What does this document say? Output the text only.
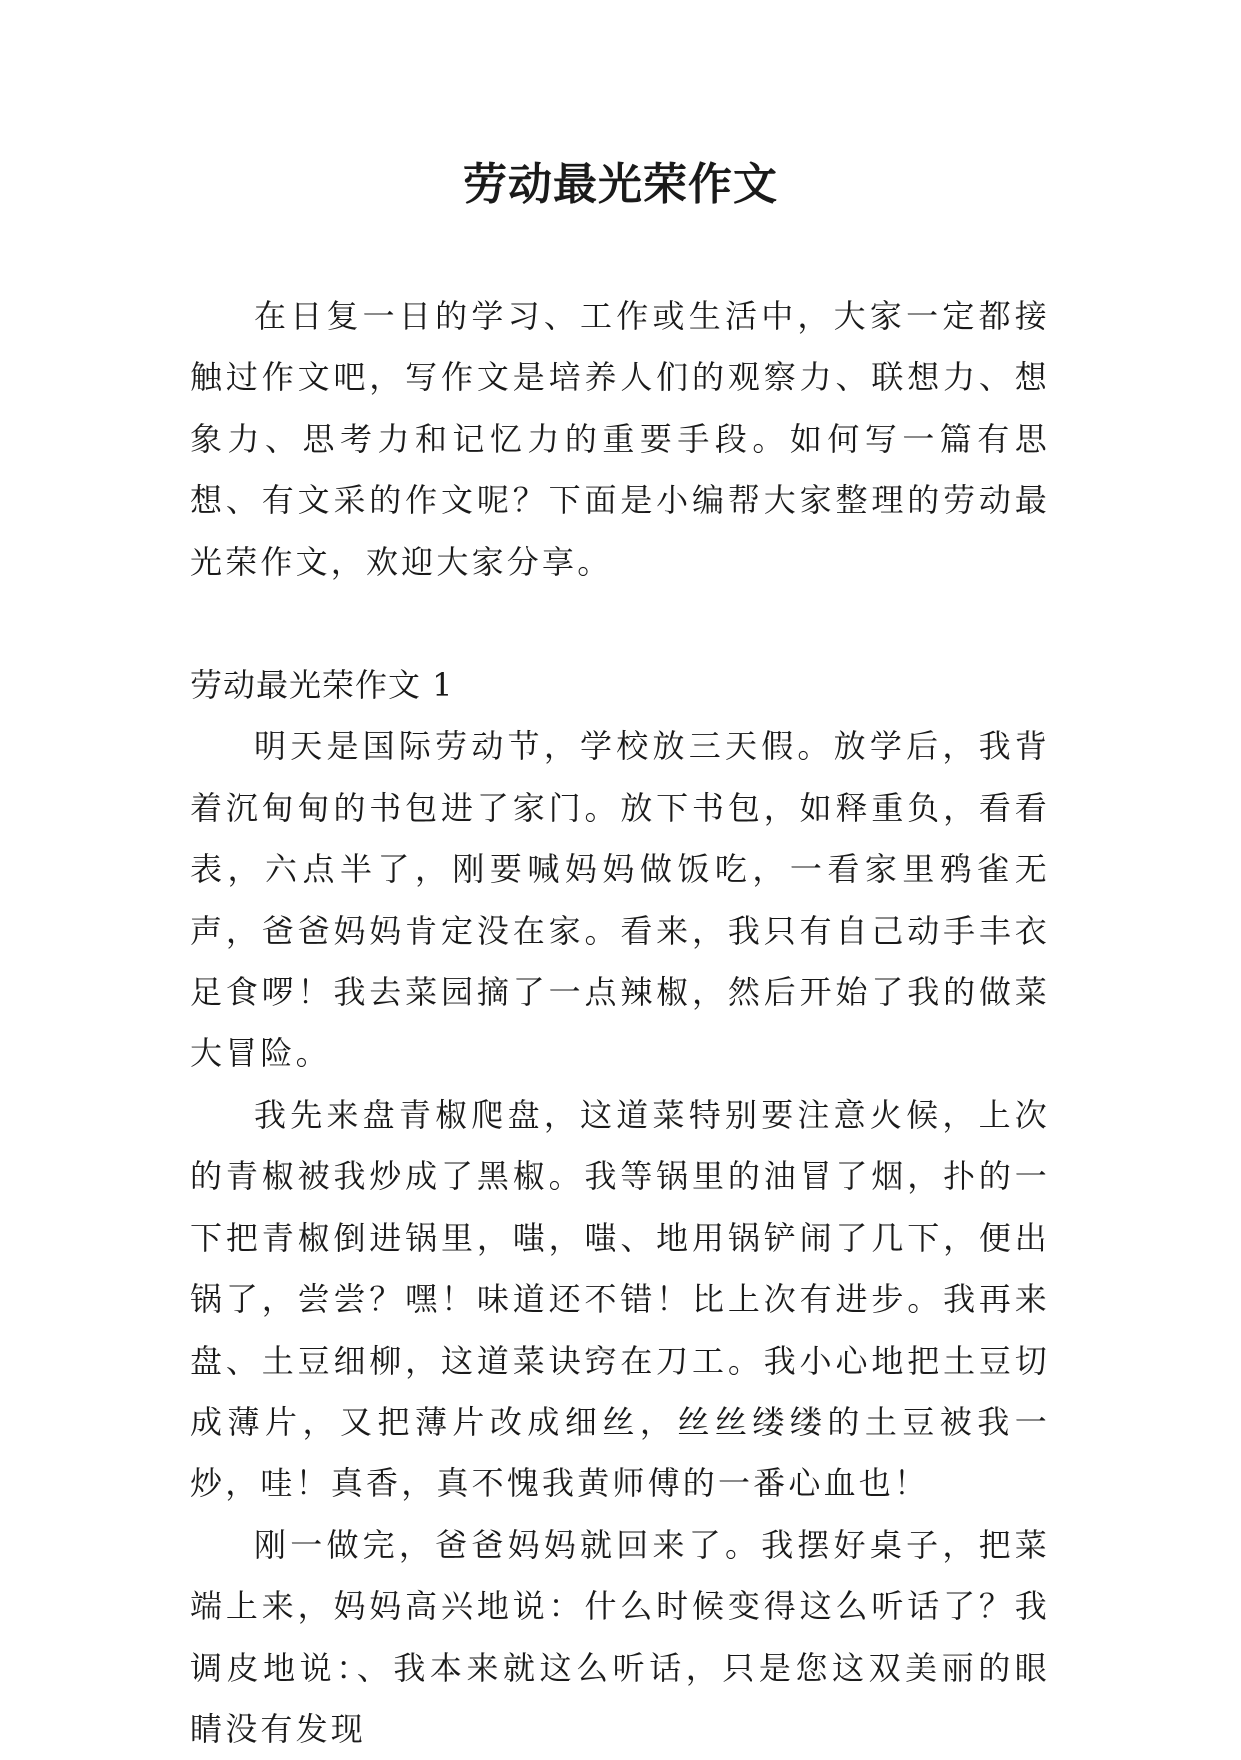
劳动最光荣作文

在日复一日的学习、工作或生活中，大家一定都接触过作文吧，写作文是培养人们的观察力、联想力、想象力、思考力和记忆力的重要手段。如何写一篇有思想、有文采的作文呢？下面是小编帮大家整理的劳动最光荣作文，欢迎大家分享。

劳动最光荣作文 1

明天是国际劳动节，学校放三天假。放学后，我背着沉甸甸的书包进了家门。放下书包，如释重负，看看表，六点半了，刚要喊妈妈做饭吃，一看家里鸦雀无声，爸爸妈妈肯定没在家。看来，我只有自己动手丰衣足食啰！我去菜园摘了一点辣椒，然后开始了我的做菜大冒险。

我先来盘青椒爬盘，这道菜特别要注意火候，上次的青椒被我炒成了黑椒。我等锅里的油冒了烟，扑的一下把青椒倒进锅里，嗤，嗤、地用锅铲闹了几下，便出锅了，尝尝？嘿！味道还不错！比上次有进步。我再来盘、土豆细柳，这道菜诀窍在刀工。我小心地把土豆切成薄片，又把薄片改成细丝，丝丝缕缕的土豆被我一炒，哇！真香，真不愧我黄师傅的一番心血也！

刚一做完，爸爸妈妈就回来了。我摆好桌子，把菜端上来，妈妈高兴地说：什么时候变得这么听话了？我调皮地说：、我本来就这么听话，只是您这双美丽的眼睛没有发现
